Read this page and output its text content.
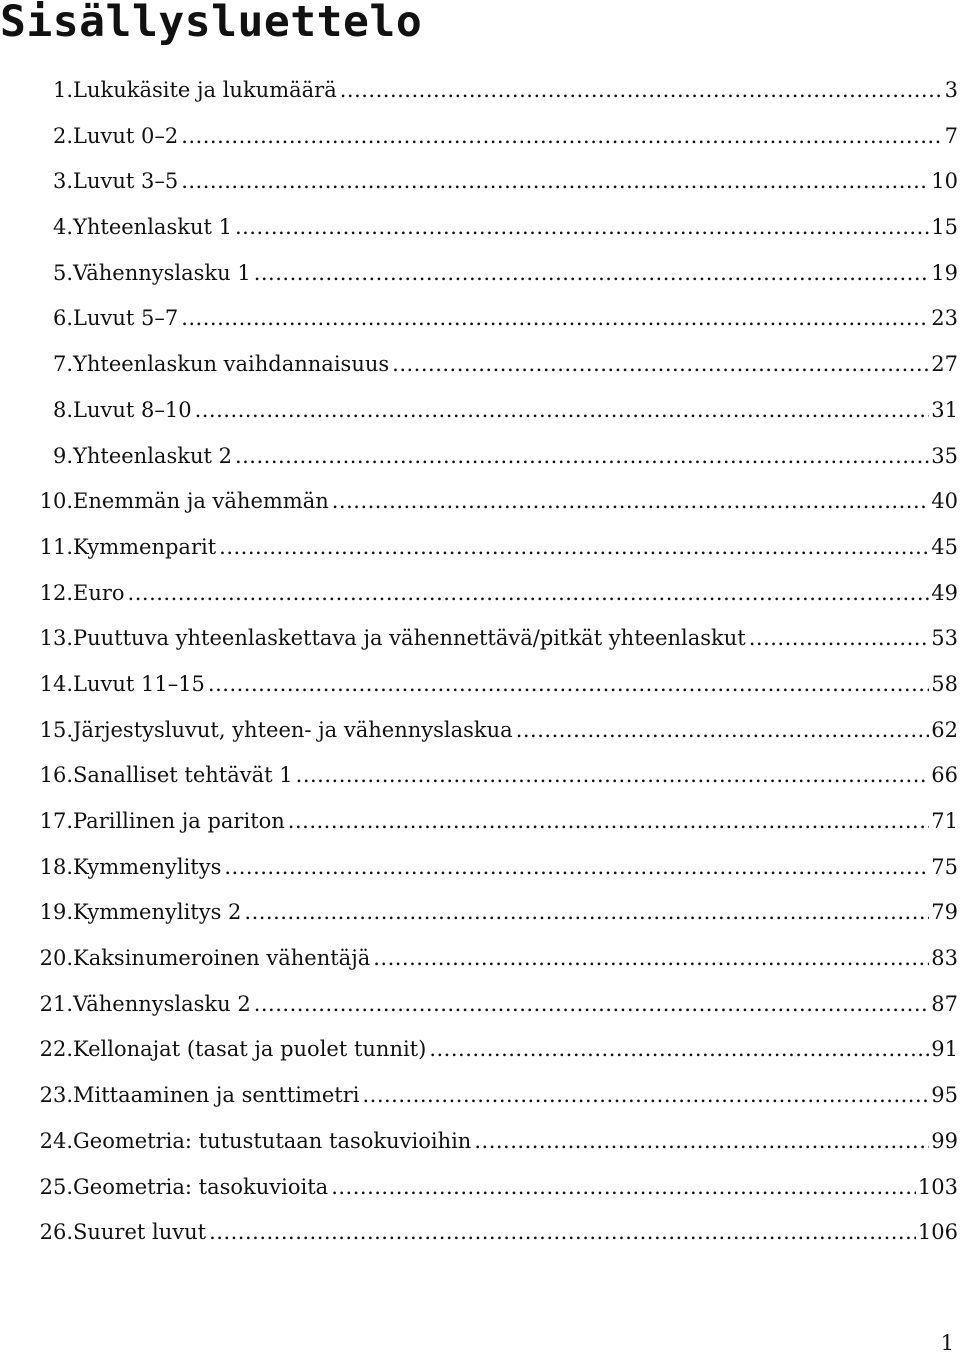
Sisällysluettelo
1. Lukukäsite ja lukumäärä .....	3
2. Luvut 0–2 .....	7
3. Luvut 3–5 .....	10
4. Yhteenlaskut 1 .....	15
5. Vähennyslasku 1 .....	19
6. Luvut 5–7 .....	23
7. Yhteenlaskun vaihdannaisuus .....	27
8. Luvut 8–10 .....	31
9. Yhteenlaskut 2 .....	35
10. Enemmän ja vähemmän .....	40
11. Kymmenparit .....	45
12. Euro .....	49
13. Puuttuva yhteenlaskettava ja vähennettävä/pitkät yhteenlaskut .....	53
14. Luvut 11–15 .....	58
15. Järjestysluvut, yhteen- ja vähennyslaskua .....	62
16. Sanalliset tehtävät 1 .....	66
17. Parillinen ja pariton .....	71
18. Kymmenylitys .....	75
19. Kymmenylitys 2 .....	79
20. Kaksinumeroinen vähentäjä .....	83
21. Vähennyslasku 2 .....	87
22. Kellonajat (tasat ja puolet tunnit) .....	91
23. Mittaaminen ja senttimetri .....	95
24. Geometria: tutustutaan tasokuvioihin .....	99
25. Geometria: tasokuvioita .....	103
26. Suuret luvut .....	106
1
